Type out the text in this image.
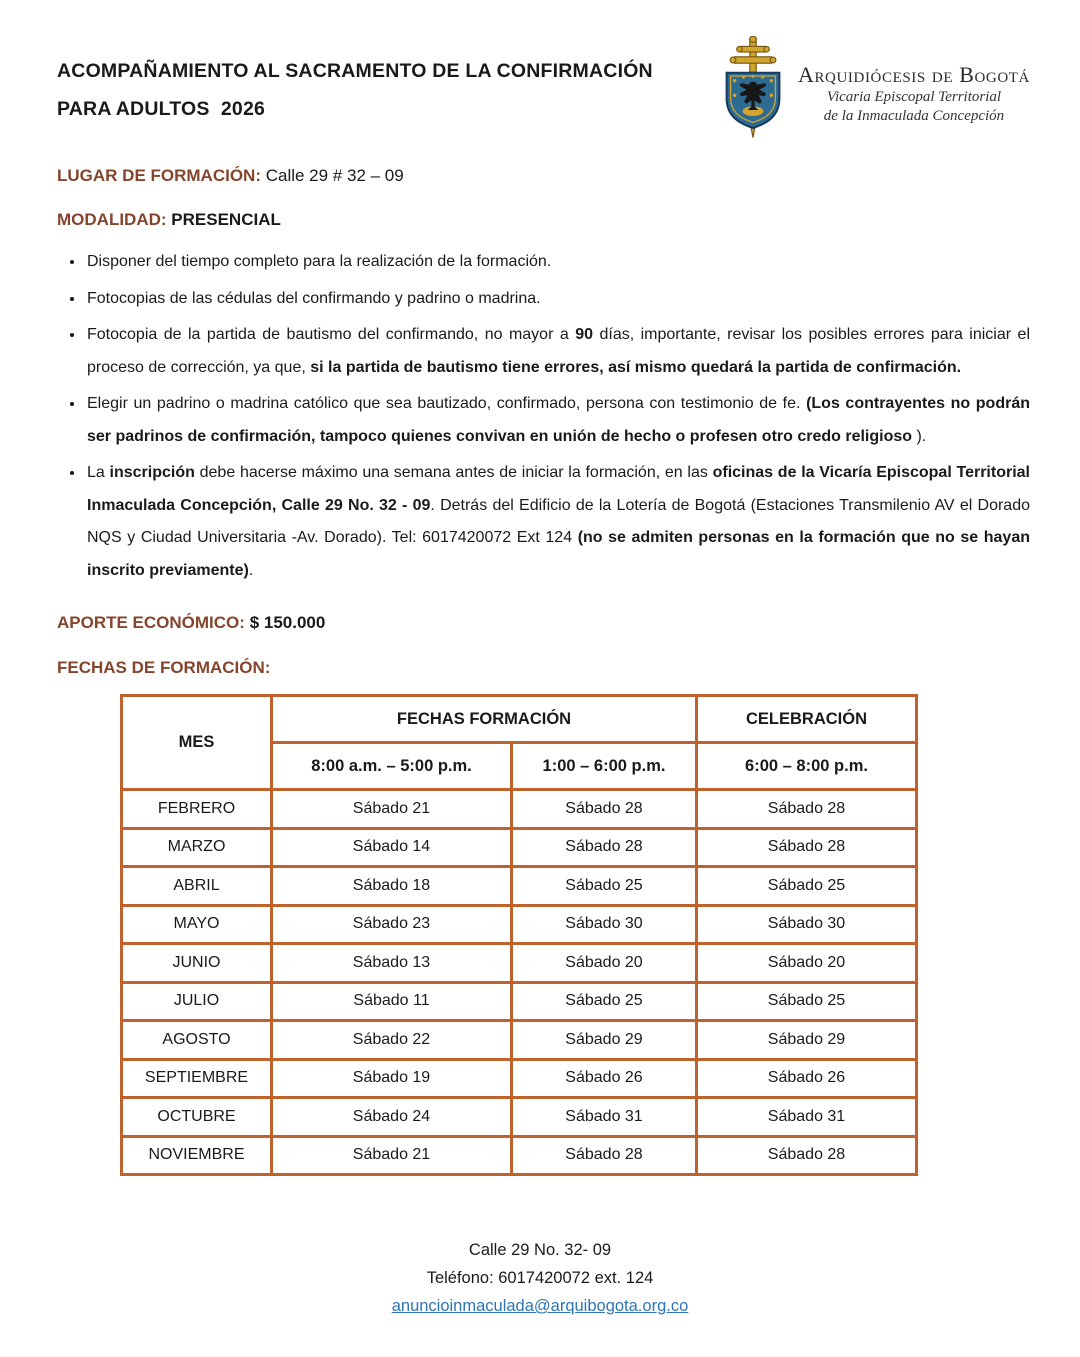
ACOMPAÑAMIENTO AL SACRAMENTO DE LA CONFIRMACIÓN
PARA ADULTOS  2026
Arquidiócesis de Bogotá
Vicaria Episcopal Territorial
de la Inmaculada Concepción

LUGAR DE FORMACIÓN: Calle 29 # 32 – 09

MODALIDAD: PRESENCIAL

• Disponer del tiempo completo para la realización de la formación.
• Fotocopias de las cédulas del confirmando y padrino o madrina.
• Fotocopia de la partida de bautismo del confirmando, no mayor a 90 días, importante, revisar los posibles errores para iniciar el proceso de corrección, ya que, si la partida de bautismo tiene errores, así mismo quedará la partida de confirmación.
• Elegir un padrino o madrina católico que sea bautizado, confirmado, persona con testimonio de fe. (Los contrayentes no podrán ser padrinos de confirmación, tampoco quienes convivan en unión de hecho o profesen otro credo religioso ).
• La inscripción debe hacerse máximo una semana antes de iniciar la formación, en las oficinas de la Vicaría Episcopal Territorial Inmaculada Concepción, Calle 29 No. 32 - 09. Detrás del Edificio de la Lotería de Bogotá (Estaciones Transmilenio AV el Dorado NQS y Ciudad Universitaria -Av. Dorado). Tel: 6017420072 Ext 124 (no se admiten personas en la formación que no se hayan inscrito previamente).

APORTE ECONÓMICO: $ 150.000

FECHAS DE FORMACIÓN:

MES	FECHAS FORMACIÓN		CELEBRACIÓN
	8:00 a.m. – 5:00 p.m.	1:00 – 6:00 p.m.	6:00 – 8:00 p.m.
FEBRERO	Sábado 21	Sábado 28	Sábado 28
MARZO	Sábado 14	Sábado 28	Sábado 28
ABRIL	Sábado 18	Sábado 25	Sábado 25
MAYO	Sábado 23	Sábado 30	Sábado 30
JUNIO	Sábado 13	Sábado 20	Sábado 20
JULIO	Sábado 11	Sábado 25	Sábado 25
AGOSTO	Sábado 22	Sábado 29	Sábado 29
SEPTIEMBRE	Sábado 19	Sábado 26	Sábado 26
OCTUBRE	Sábado 24	Sábado 31	Sábado 31
NOVIEMBRE	Sábado 21	Sábado 28	Sábado 28
Calle 29 No. 32- 09
Teléfono: 6017420072 ext. 124
anuncioinmaculada@arquibogota.org.co
